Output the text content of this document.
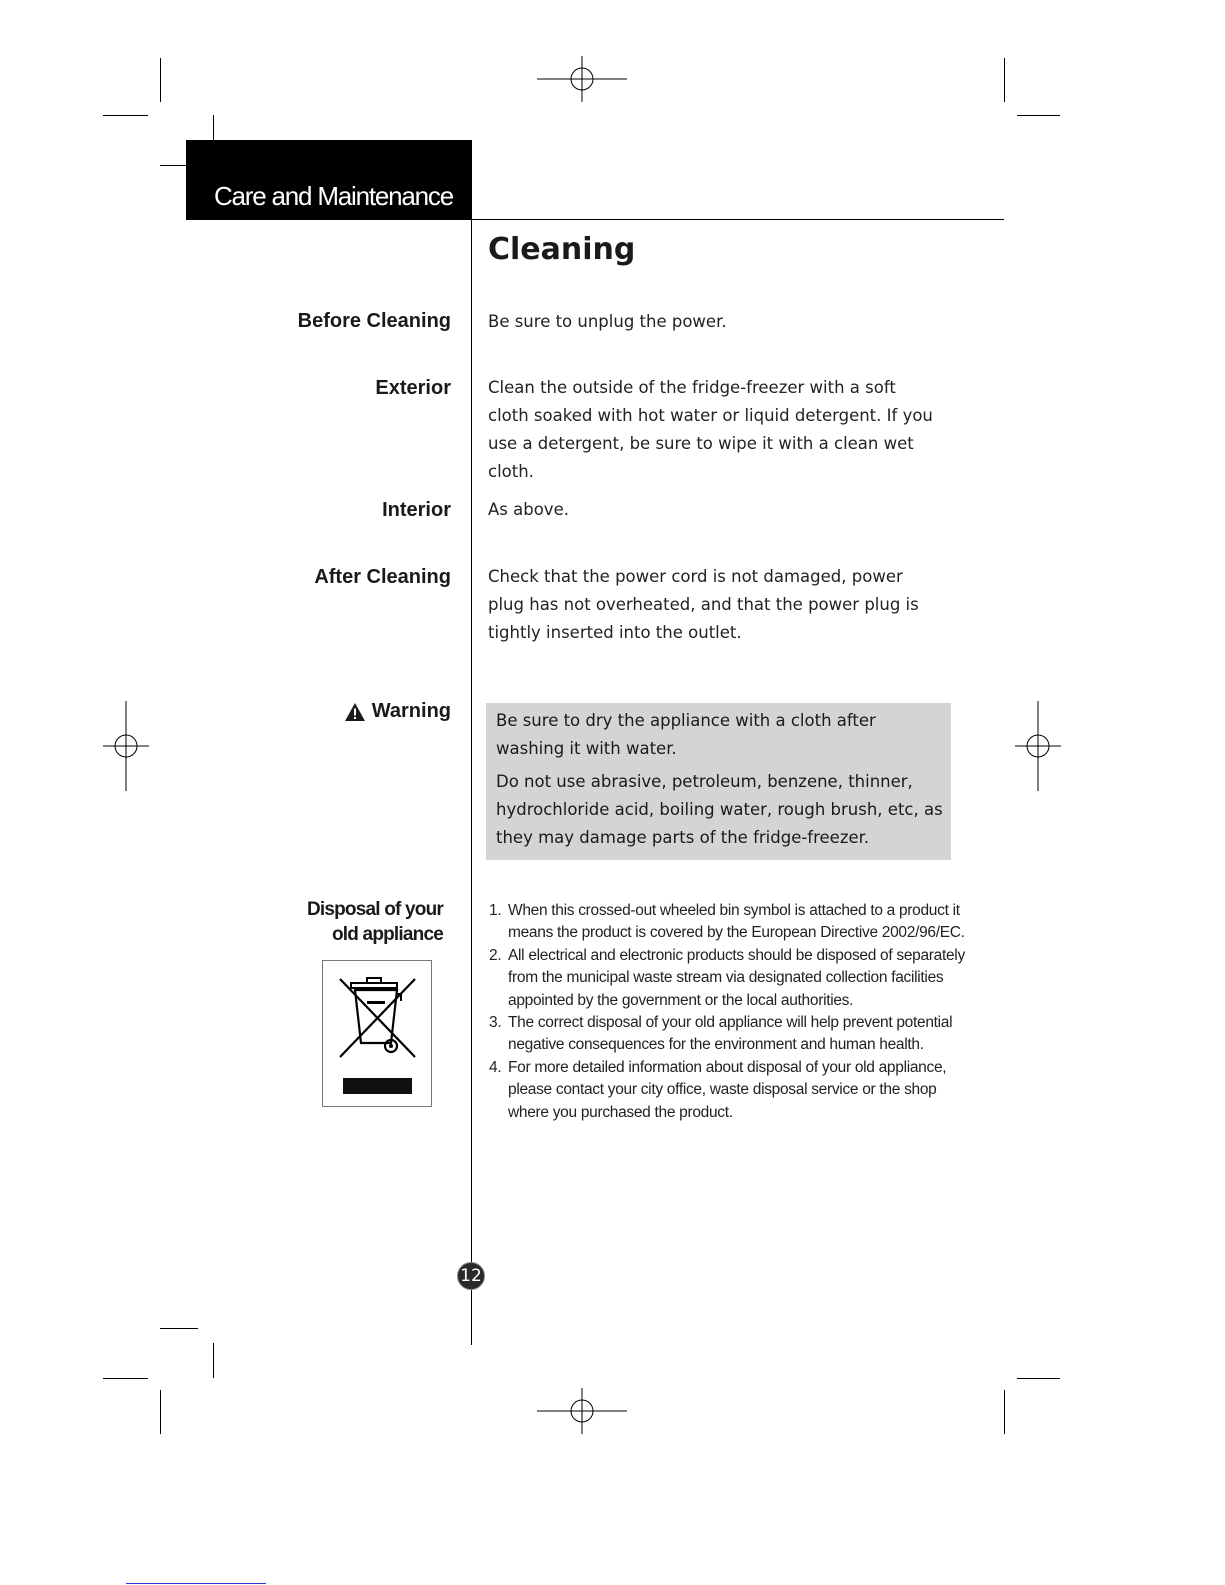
Care and Maintenance
Cleaning
Before Cleaning Be sure to unplug the power.
Exterior Clean the outside of the fridge-freezer with a soft cloth soaked with hot water or liquid detergent. If you use a detergent, be sure to wipe it with a clean wet cloth.
Interior As above.
After Cleaning Check that the power cord is not damaged, power plug has not overheated, and that the power plug is tightly inserted into the outlet.
Warning	Be sure to dry the appliance with a cloth after washing it with water.

Do not use abrasive, petroleum, benzene, thinner, hydrochloride acid, boiling water, rough brush, etc, as they may damage parts of the fridge-freezer.

Disposal of your
old appliance
1. When this crossed-out wheeled bin symbol is attached to a product it means the product is covered by the European Directive 2002/96/EC.
2. All electrical and electronic products should be disposed of separately from the municipal waste stream via designated collection facilities appointed by the government or the local authorities.
3. The correct disposal of your old appliance will help prevent potential negative consequences for the environment and human health.
4. For more detailed information about disposal of your old appliance, please contact your city office, waste disposal service or the shop where you purchased the product.
12
